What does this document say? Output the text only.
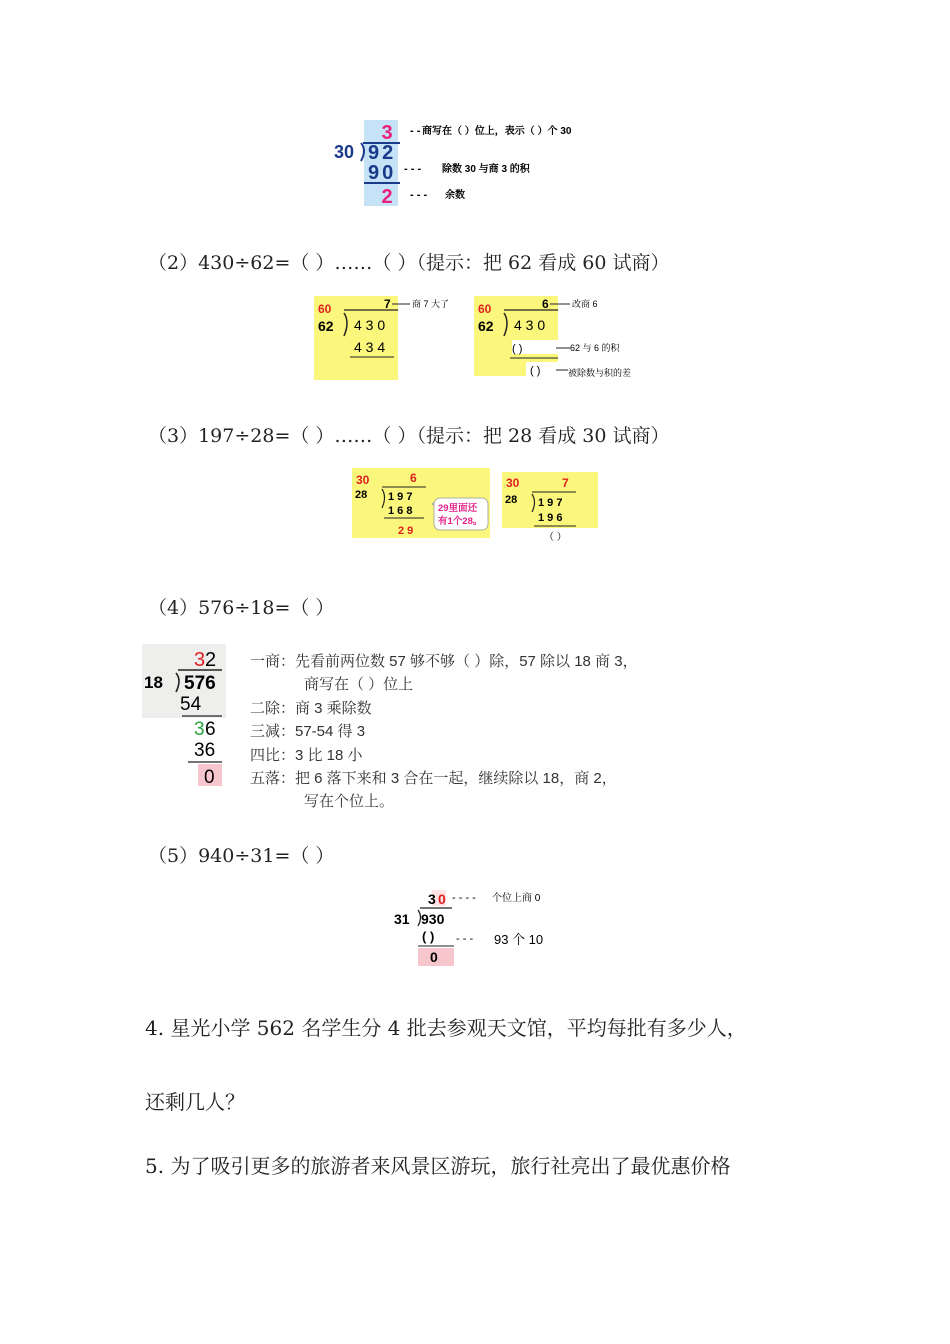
3
30 92
90
2
- - 商写在（ ）位上，表示（ ）个 30
- - - 除数 30 与商 3 的积
- - - 余数
（2）430÷62=（ ）……（ ）（提示：把 62 看成 60 试商）
60	7
62 4 3 0
4 3 4
商 7 大了 60	6
62 4 3 0
( )
改商 6
62 与 6 的积
( )	被除数与积的差
（3）197÷28=（ ）……（ ）（提示：把 28 看成 30 试商）
30	6
28 1 9 7
1 6 8
2 9
29里面还
有1个28。
30	7
28 1 9 7
1 9 6
（ ）
（4）576÷18=（ ）
3 2
18 576
54
3 6
36
0
一商：先看前两位数 57 够不够（ ）除，57 除以 18 商 3，
商写在（ ）位上
二除：商 3 乘除数
三减：57-54 得 3
四比：3 比 18 小
五落：把 6 落下来和 3 合在一起，继续除以 18，商 2，
写在个位上。
（5）940÷31=（ ）
3 0
31 930
( )
0
- - - - 个位上商 0
- - - 93 个 10
4. 星光小学 562 名学生分 4 批去参观天文馆，平均每批有多少人，
还剩几人？
5. 为了吸引更多的旅游者来风景区游玩，旅行社亮出了最优惠价格
